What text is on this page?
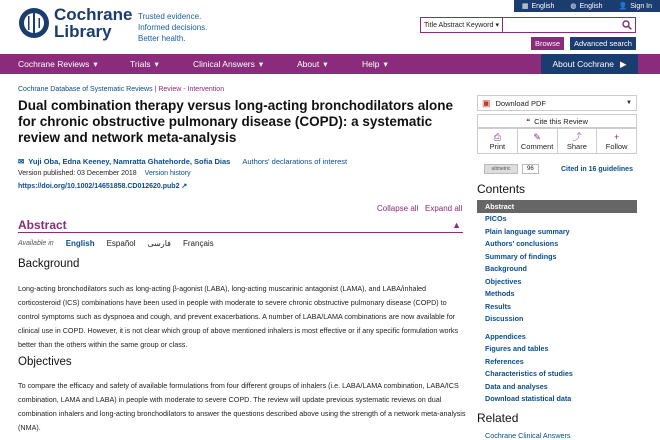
▦ English ◍ English 👤 Sign In
Cochrane
Library
Trusted evidence.
Informed decisions.
Better health.
Title Abstract Keyword ▾
Browse	Advanced search
Cochrane Reviews ▾	Trials ▾	Clinical Answers ▾	About ▾	Help ▾	About Cochrane ▶
Cochrane Database of Systematic Reviews | Review - Intervention
Dual combination therapy versus long-acting bronchodilators alone for chronic obstructive pulmonary disease (COPD): a systematic review and network meta-analysis
✉ Yuji Oba, Edna Keeney, Namratta Ghatehorde, Sofia Dias Authors' declarations of interest
Version published: 03 December 2018 Version history
https://doi.org/10.1002/14651858.CD012620.pub2 ↗
Collapse all Expand all
Abstract	▲
Available in English Español فارسی Français
Background
Long-acting bronchodilators such as long-acting β-agonist (LABA), long-acting muscarinic antagonist (LAMA), and LABA/inhaled corticosteroid (ICS) combinations have been used in people with moderate to severe chronic obstructive pulmonary disease (COPD) to control symptoms such as dyspnoea and cough, and prevent exacerbations. A number of LABA/LAMA combinations are now available for clinical use in COPD. However, it is not clear which group of above mentioned inhalers is most effective or if any specific formulation works better than the others within the same group or class.
Objectives
To compare the efficacy and safety of available formulations from four different groups of inhalers (i.e. LABA/LAMA combination, LABA/ICS combination, LAMA and LABA) in people with moderate to severe COPD. The review will update previous systematic reviews on dual combination inhalers and long-acting bronchodilators to answer the questions described above using the strength of a network meta-analysis (NMA).
▣ Download PDF	▼
❝ Cite this Review
⎙
Print
✎
Comment
⤴
Share
+
Follow
altmetric	96	Cited in 16 guidelines
Contents
Abstract
PICOs
Plain language summary
Authors' conclusions
Summary of findings
Background
Objectives
Methods
Results
Discussion
Appendices
Figures and tables
References
Characteristics of studies
Data and analyses
Download statistical data
Related
Cochrane Clinical Answers
